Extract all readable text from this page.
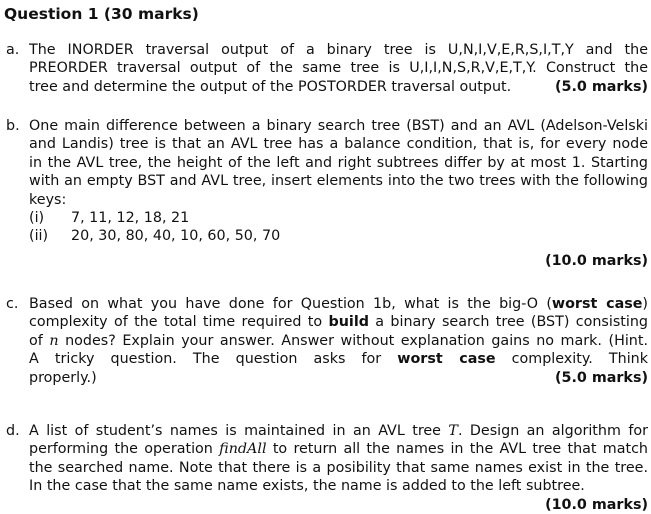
Question 1 (30 marks)
a. The INORDER traversal output of a binary tree is U,N,I,V,E,R,S,I,T,Y and the
PREORDER traversal output of the same tree is U,I,I,N,S,R,V,E,T,Y. Construct the
tree and determine the output of the POSTORDER traversal output.	(5.0 marks)
b. One main difference between a binary search tree (BST) and an AVL (Adelson-Velski
and Landis) tree is that an AVL tree has a balance condition, that is, for every node
in the AVL tree, the height of the left and right subtrees differ by at most 1. Starting
with an empty BST and AVL tree, insert elements into the two trees with the following
keys:
(i) 7, 11, 12, 18, 21
(ii) 20, 30, 80, 40, 10, 60, 50, 70
(10.0 marks)
c. Based on what you have done for Question 1b, what is the big-O (worst case)
complexity of the total time required to build a binary search tree (BST) consisting
of n nodes? Explain your answer. Answer without explanation gains no mark. (Hint.
A tricky question. The question asks for worst case complexity. Think
properly.)	(5.0 marks)
d. A list of student’s names is maintained in an AVL tree T. Design an algorithm for
performing the operation findAll to return all the names in the AVL tree that match
the searched name. Note that there is a posibility that same names exist in the tree.
In the case that the same name exists, the name is added to the left subtree.
(10.0 marks)
